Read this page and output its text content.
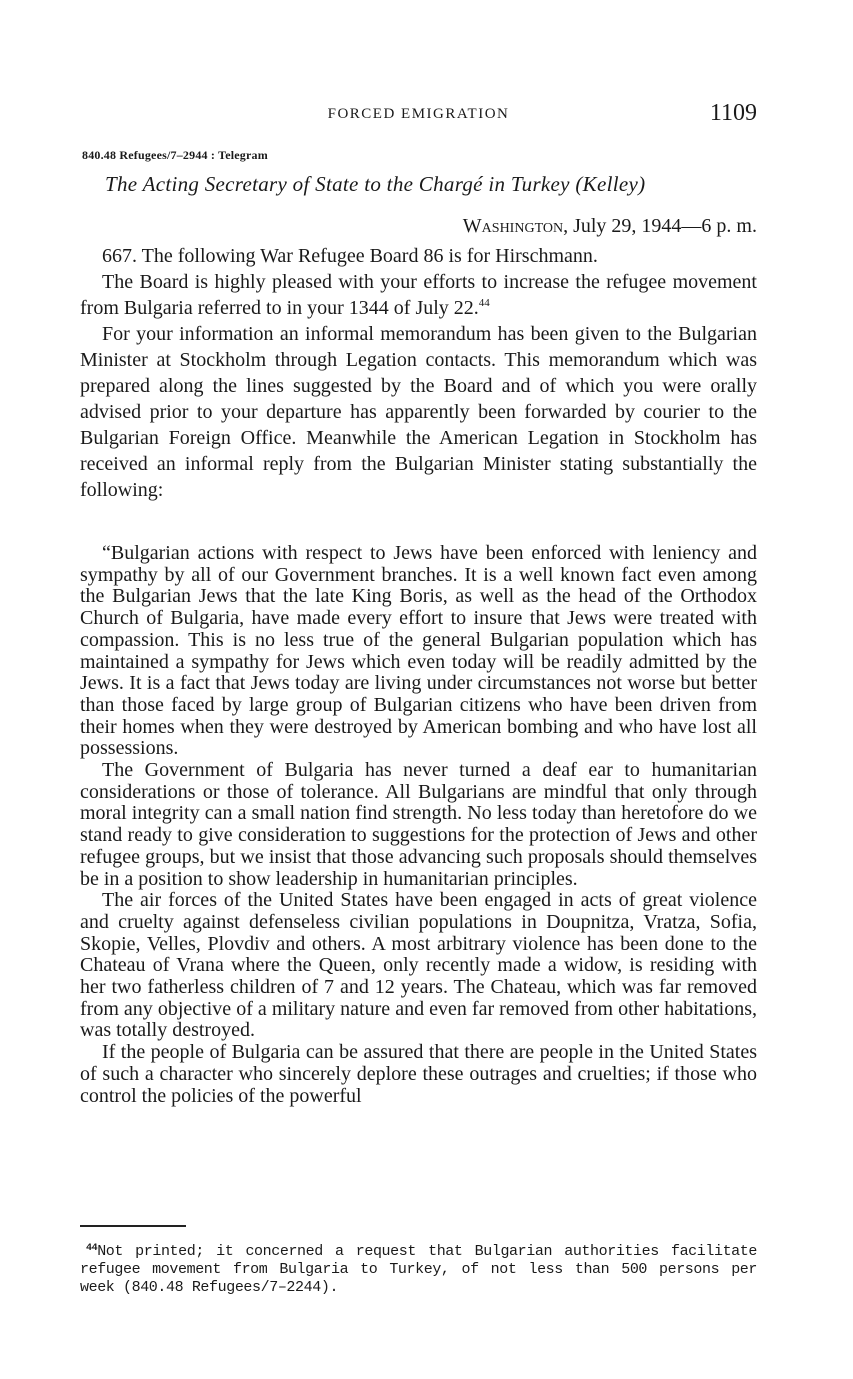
FORCED EMIGRATION	1109
840.48 Refugees/7–2944 : Telegram
The Acting Secretary of State to the Chargé in Turkey (Kelley)
Washington, July 29, 1944—6 p. m.

667. The following War Refugee Board 86 is for Hirschmann.

The Board is highly pleased with your efforts to increase the refugee movement from Bulgaria referred to in your 1344 of July 22.44

For your information an informal memorandum has been given to the Bulgarian Minister at Stockholm through Legation contacts. This memorandum which was prepared along the lines suggested by the Board and of which you were orally advised prior to your departure has apparently been forwarded by courier to the Bulgarian Foreign Office. Meanwhile the American Legation in Stockholm has received an informal reply from the Bulgarian Minister stating substantially the following:

“Bulgarian actions with respect to Jews have been enforced with leniency and sympathy by all of our Government branches. It is a well known fact even among the Bulgarian Jews that the late King Boris, as well as the head of the Orthodox Church of Bulgaria, have made every effort to insure that Jews were treated with compassion. This is no less true of the general Bulgarian population which has maintained a sympathy for Jews which even today will be readily admitted by the Jews. It is a fact that Jews today are living under circumstances not worse but better than those faced by large group of Bulgarian citizens who have been driven from their homes when they were destroyed by American bombing and who have lost all possessions.

The Government of Bulgaria has never turned a deaf ear to humanitarian considerations or those of tolerance. All Bulgarians are mindful that only through moral integrity can a small nation find strength. No less today than heretofore do we stand ready to give consideration to suggestions for the protection of Jews and other refugee groups, but we insist that those advancing such proposals should themselves be in a position to show leadership in humanitarian principles.

The air forces of the United States have been engaged in acts of great violence and cruelty against defenseless civilian populations in Doupnitza, Vratza, Sofia, Skopie, Velles, Plovdiv and others. A most arbitrary violence has been done to the Chateau of Vrana where the Queen, only recently made a widow, is residing with her two fatherless children of 7 and 12 years. The Chateau, which was far removed from any objective of a military nature and even far removed from other habitations, was totally destroyed.

If the people of Bulgaria can be assured that there are people in the United States of such a character who sincerely deplore these outrages and cruelties; if those who control the policies of the powerful

$^{44}$Not printed; it concerned a request that Bulgarian authorities facilitate refugee movement from Bulgaria to Turkey, of not less than 500 persons per week (840.48 Refugees/7–2244).
